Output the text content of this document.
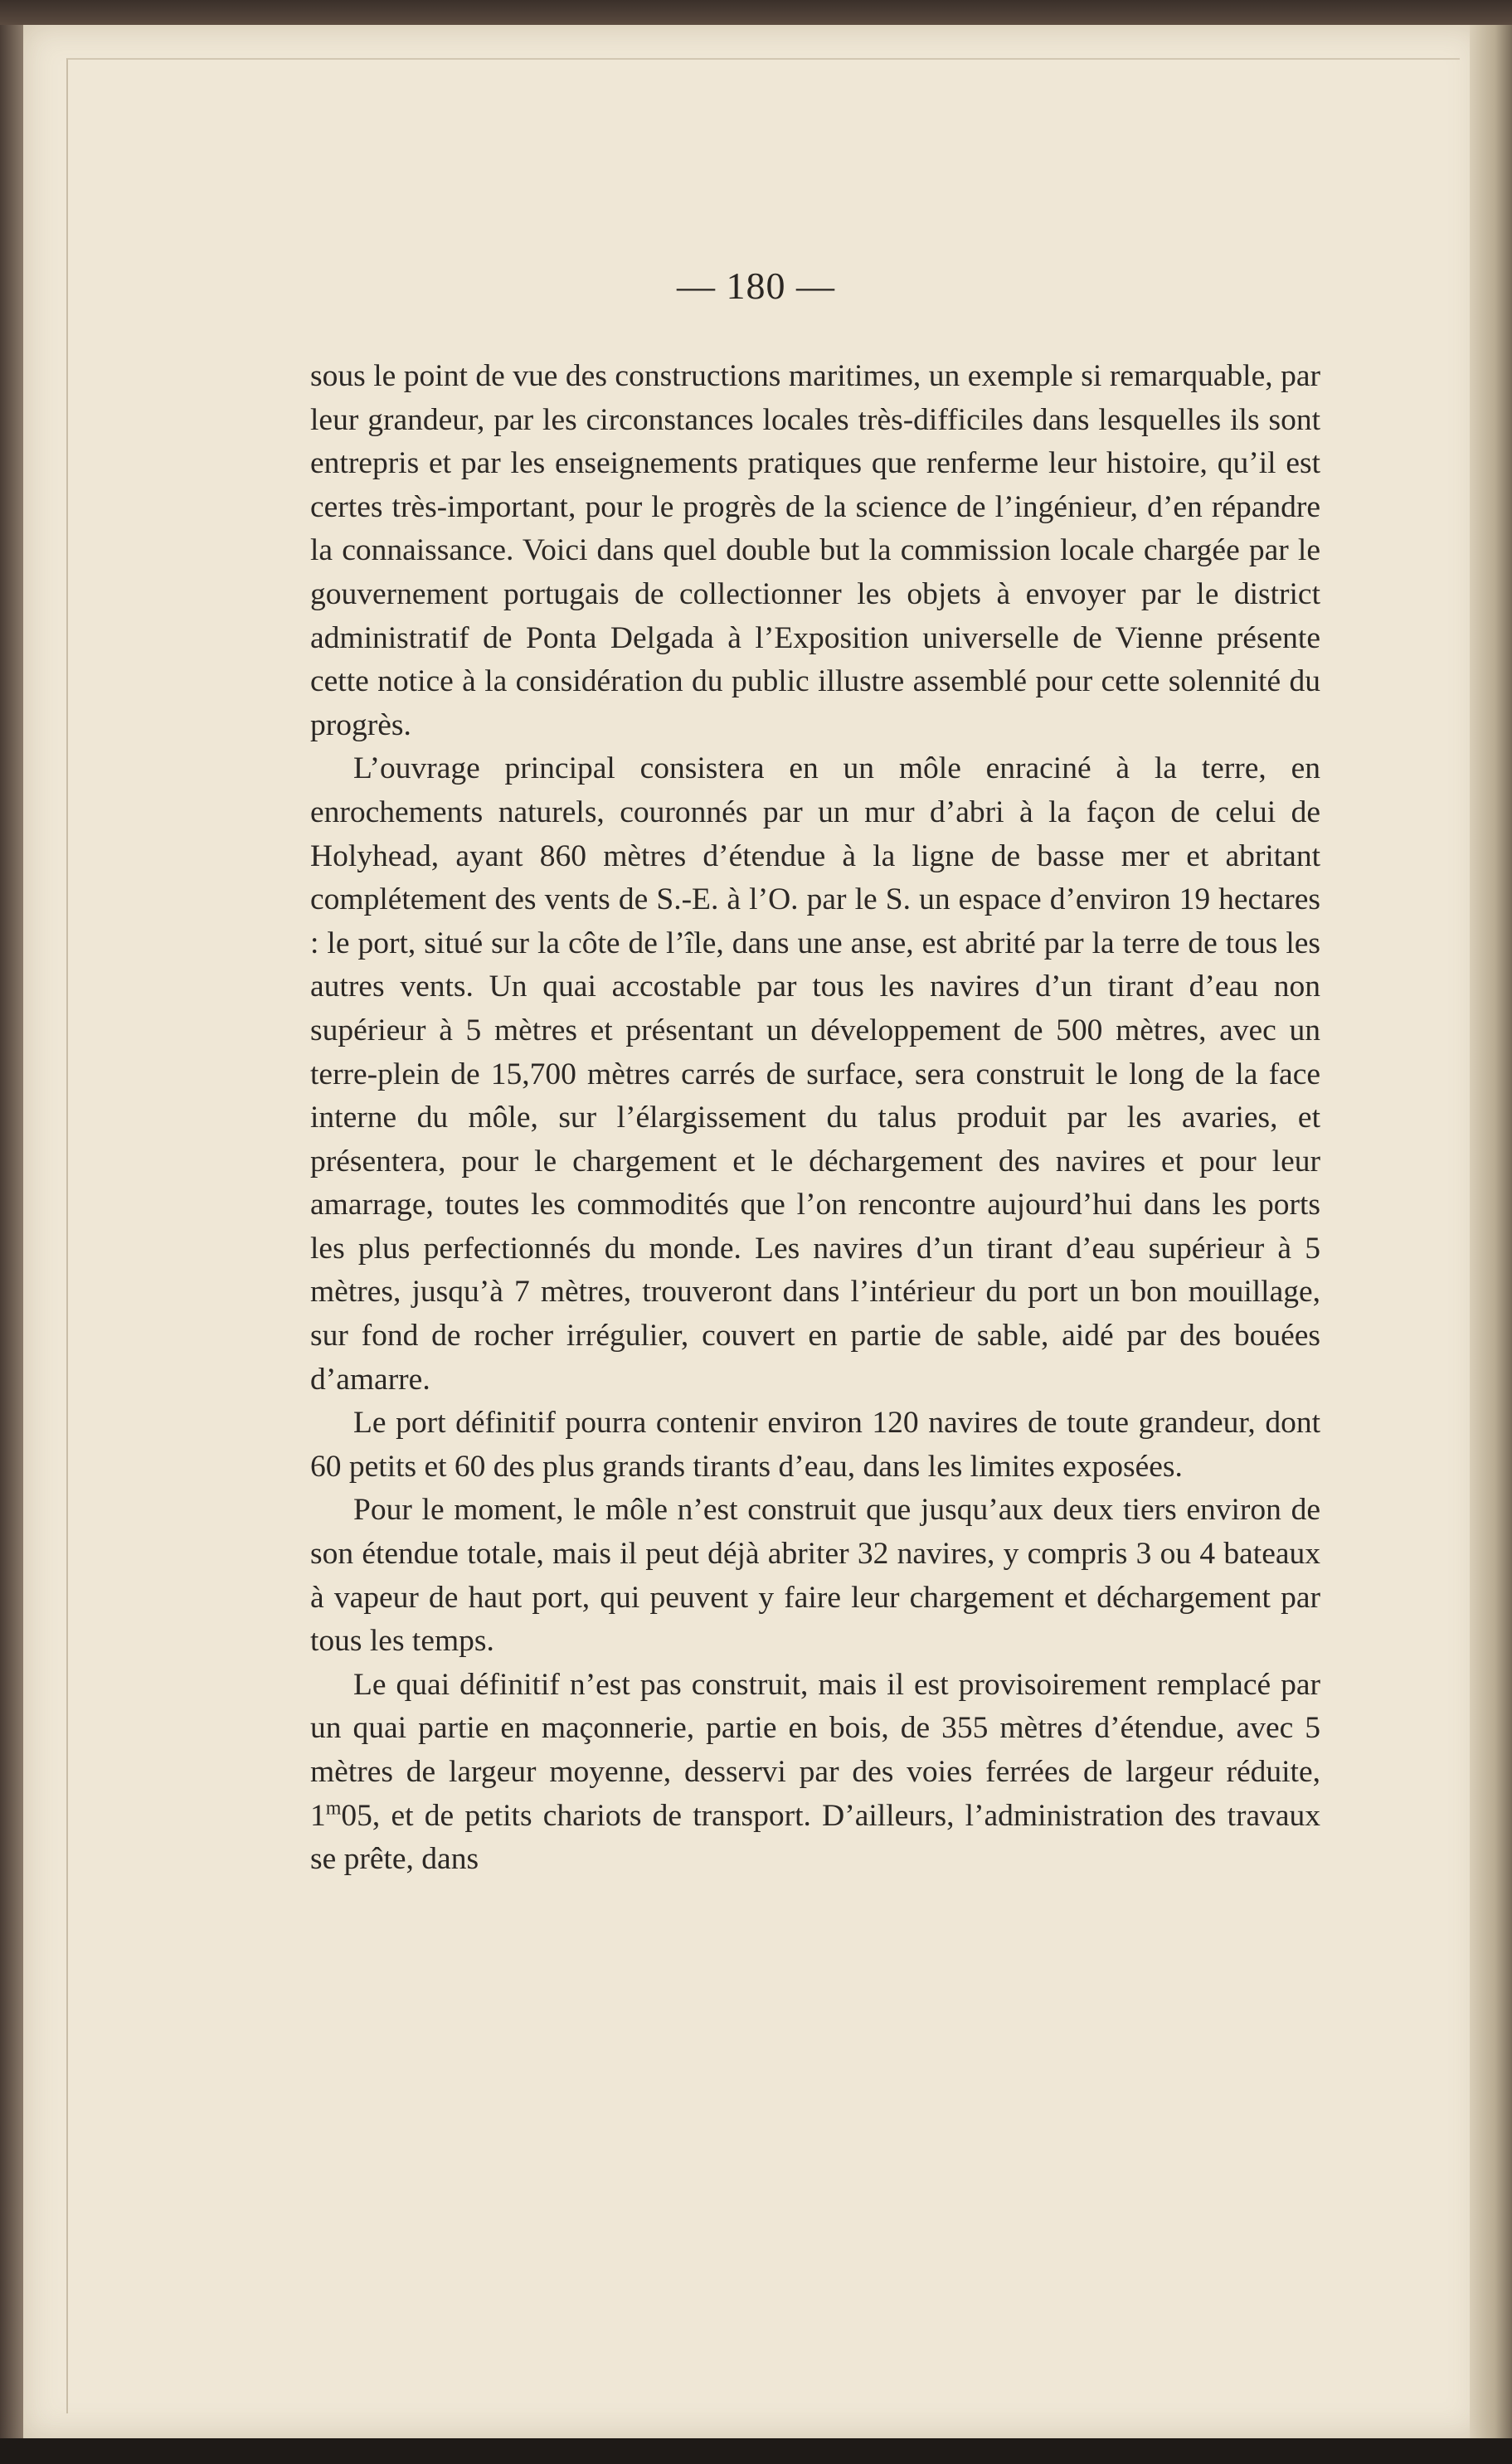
— 180 —

sous le point de vue des constructions maritimes, un exemple si remarquable, par leur grandeur, par les circonstances locales très-difficiles dans lesquelles ils sont entrepris et par les enseignements pratiques que renferme leur histoire, qu’il est certes très-important, pour le progrès de la science de l’ingénieur, d’en répandre la connaissance. Voici dans quel double but la commission locale chargée par le gouvernement portugais de collectionner les objets à envoyer par le district administratif de Ponta Delgada à l’Exposition universelle de Vienne présente cette notice à la considération du public illustre assemblé pour cette solennité du progrès.

L’ouvrage principal consistera en un môle enraciné à la terre, en enrochements naturels, couronnés par un mur d’abri à la façon de celui de Holyhead, ayant 860 mètres d’étendue à la ligne de basse mer et abritant complétement des vents de S.-E. à l’O. par le S. un espace d’environ 19 hectares : le port, situé sur la côte de l’île, dans une anse, est abrité par la terre de tous les autres vents. Un quai accostable par tous les navires d’un tirant d’eau non supérieur à 5 mètres et présentant un développement de 500 mètres, avec un terre-plein de 15,700 mètres carrés de surface, sera construit le long de la face interne du môle, sur l’élargissement du talus produit par les avaries, et présentera, pour le chargement et le déchargement des navires et pour leur amarrage, toutes les commodités que l’on rencontre aujourd’hui dans les ports les plus perfectionnés du monde. Les navires d’un tirant d’eau supérieur à 5 mètres, jusqu’à 7 mètres, trouveront dans l’intérieur du port un bon mouillage, sur fond de rocher irrégulier, couvert en partie de sable, aidé par des bouées d’amarre.

Le port définitif pourra contenir environ 120 navires de toute grandeur, dont 60 petits et 60 des plus grands tirants d’eau, dans les limites exposées.

Pour le moment, le môle n’est construit que jusqu’aux deux tiers environ de son étendue totale, mais il peut déjà abriter 32 navires, y compris 3 ou 4 bateaux à vapeur de haut port, qui peuvent y faire leur chargement et déchargement par tous les temps.

Le quai définitif n’est pas construit, mais il est provisoirement remplacé par un quai partie en maçonnerie, partie en bois, de 355 mètres d’étendue, avec 5 mètres de largeur moyenne, desservi par des voies ferrées de largeur réduite, 1$^m$05, et de petits chariots de transport. D’ailleurs, l’administration des travaux se prête, dans
